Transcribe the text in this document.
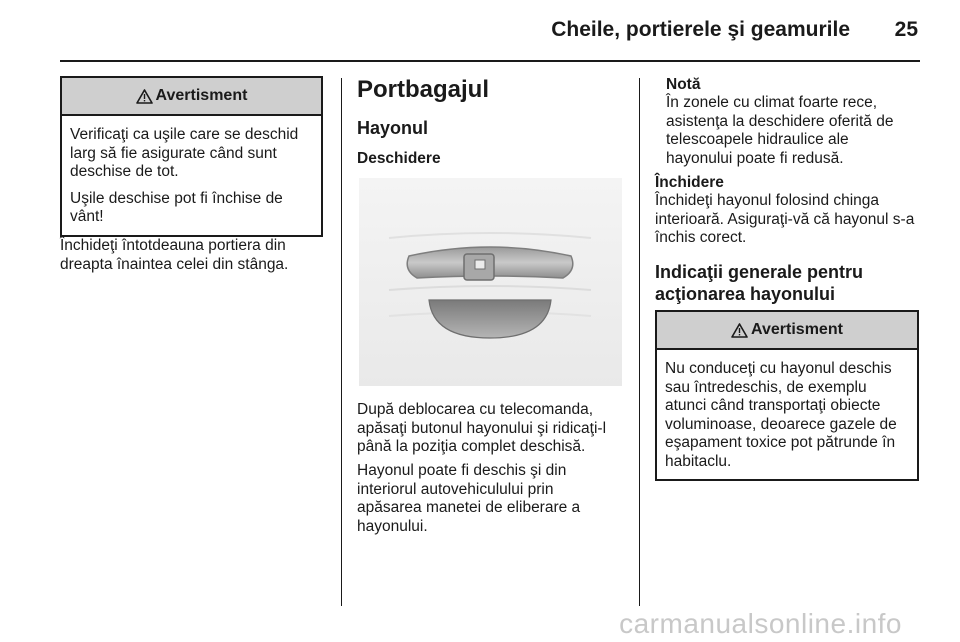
Cheile, portierele şi geamurile 25
Avertisment

Verificaţi ca uşile care se deschid larg să fie asigurate când sunt deschise de tot.

Uşile deschise pot fi închise de vânt!

Închideţi întotdeauna portiera din dreapta înaintea celei din stânga.

Portbagajul
Hayonul
Deschidere

După deblocarea cu telecomanda, apăsaţi butonul hayonului şi ridicaţi-l până la poziţia complet deschisă.

Hayonul poate fi deschis şi din interiorul autovehiculului prin apăsarea manetei de eliberare a hayonului.

Notă

În zonele cu climat foarte rece, asistenţa la deschidere oferită de telescoapele hidraulice ale hayonului poate fi redusă.

Închidere

Închideţi hayonul folosind chinga interioară. Asiguraţi-vă că hayonul s-a închis corect.

Indicaţii generale pentru acţionarea hayonului
Avertisment

Nu conduceţi cu hayonul deschis sau întredeschis, de exemplu atunci când transportaţi obiecte voluminoase, deoarece gazele de eşapament toxice pot pătrunde în habitaclu.

carmanualsonline.info
